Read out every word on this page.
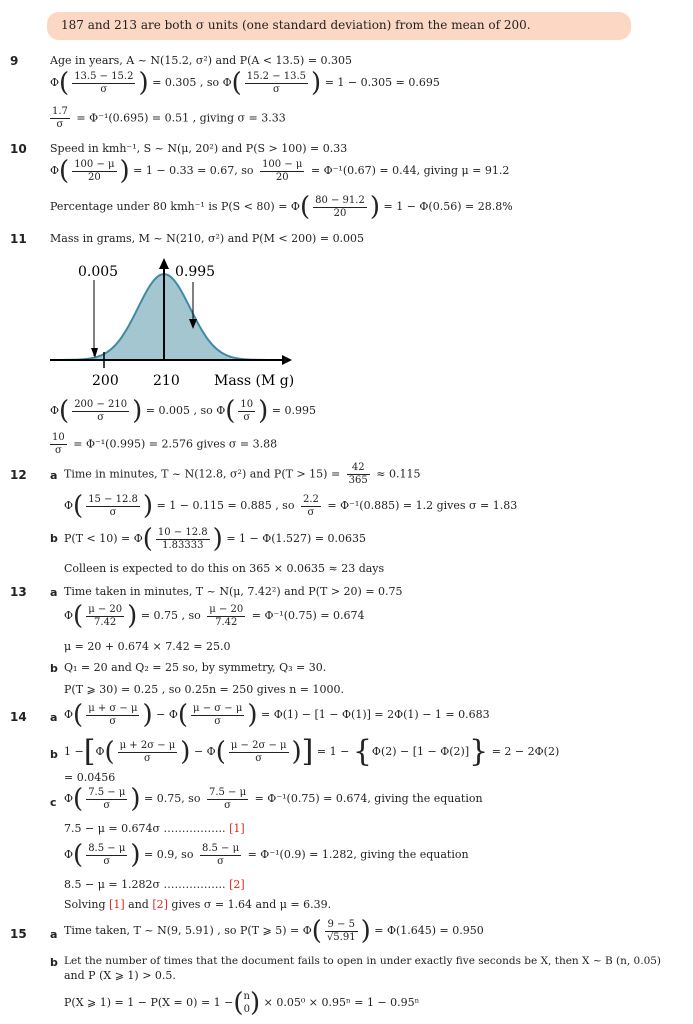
187 and 213 are both σ units (one standard deviation) from the mean of 200.
9	Age in years, A ~ N(15.2, σ²) and P(A < 13.5) = 0.305
$\Phi( \frac{13.5 - 15.2}{\sigma}$ ) = 0.305 , so $\Phi( \frac{15.2 - 13.5}{\sigma}$ ) = 1 − 0.305 = 0.695
$\frac{1.7}{\sigma} = \Phi^{-1}(0.695) = 0.51$ , giving σ = 3.33
10 Speed in kmh⁻¹, S ~ N(μ, 20²) and P(S > 100) = 0.33
$\Phi( \frac{100 - \mu}{20}$ ) = 1 − 0.33 = 0.67, so $\frac{100 - \mu}{20} = \Phi^{-1}(0.67) = 0.44$, giving μ = 91.2
Percentage under 80 kmh⁻¹ is $P(S < 80) = \Phi( \frac{80 - 91.2}{20}$ ) = 1 − Φ(0.56) = 28.8%
11 Mass in grams, M ~ N(210, σ²) and P(M < 200) = 0.005
0.005	0.995
200 210 Mass (M g)
$\Phi( \frac{200 - 210}{\sigma}$ ) = 0.005 , so $\Phi( \frac{10}{\sigma}$ ) = 0.995
$\frac{10}{\sigma} = \Phi^{-1}(0.995) = 2.576$ gives σ = 3.88
12 a Time in minutes, T ~ N(12.8, σ²) and $P(T > 15) = \frac{42}{365} \approx 0.115$
$\Phi( \frac{15 - 12.8}{\sigma}$ ) = 1 − 0.115 = 0.885 , so $\frac{2.2}{\sigma} = \Phi^{-1}(0.885) = 1.2$ gives σ = 1.83
b $P(T < 10) = \Phi( \frac{10 - 12.8}{1.83333}$ ) = 1 − Φ(1.527) = 0.0635
Colleen is expected to do this on 365 × 0.0635 ≈ 23 days
13 a Time taken in minutes, T ~ N(μ, 7.42²) and P(T > 20) = 0.75
$\Phi( \frac{\mu - 20}{7.42}$ ) = 0.75 , so $\frac{\mu - 20}{7.42} = \Phi^{-1}(0.75) = 0.674$
μ = 20 + 0.674 × 7.42 = 25.0
b Q₁ = 20 and Q₂ = 25 so, by symmetry, Q₃ = 30.
P(T ⩾ 30) = 0.25 , so 0.25n = 250 gives n = 1000.
14 a $\Phi( \frac{\mu + \sigma - \mu}{\sigma}$ ) − $\Phi( \frac{\mu - \sigma - \mu}{\sigma}$ ) = Φ(1) − [1 − Φ(1)] = 2Φ(1) − 1 = 0.683
b $1 -[\Phi( \frac{\mu + 2\sigma - \mu}{\sigma}$ ) − $\Phi( \frac{\mu - 2\sigma - \mu}{\sigma}$ )] = 1 − {Φ(2) − [1 − Φ(2)]} = 2 − 2Φ(2)
= 0.0456
c $\Phi( \frac{7.5 - \mu}{\sigma}$ ) = 0.75, so $\frac{7.5 - \mu}{\sigma} = \Phi^{-1}(0.75) = 0.674$, giving the equation
7.5 − μ = 0.674σ …………….. [1]
$\Phi( \frac{8.5 - \mu}{\sigma}$ ) = 0.9, so $\frac{8.5 - \mu}{\sigma} = \Phi^{-1}(0.9) = 1.282$, giving the equation
8.5 − μ = 1.282σ …………….. [2]
Solving [1] and [2] gives σ = 1.64 and μ = 6.39.
15 a Time taken, T ~ N(9, 5.91) , so P(T ⩾ $5) = \Phi( \frac{9 - 5}{√5.91}$ ) = Φ(1.645) = 0.950
b Let the number of times that the document fails to open in under exactly five seconds be X, then X ~ B (n, 0.05)
and P (X ⩾ 1) > 0.5.
P(X ⩾ 1) = 1 − P(X = 0) = 1 −( n
0 ) × 0.05⁰ × 0.95ⁿ = 1 − 0.95ⁿ
